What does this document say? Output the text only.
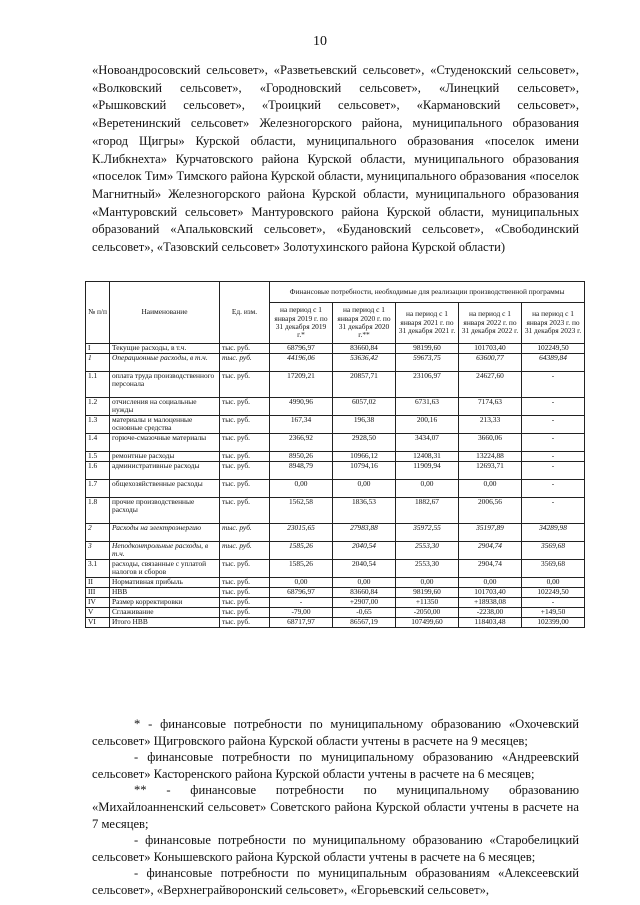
10

«Новоандросовский сельсовет», «Разветьевский сельсовет», «Студенокский сельсовет», «Волковский сельсовет», «Городновский сельсовет», «Линецкий сельсовет», «Рышковский сельсовет», «Троицкий сельсовет», «Кармановский сельсовет», «Веретенинский сельсовет» Железногорского района, муниципального образования «город Щигры» Курской области, муниципального образования «поселок имени К.Либкнехта» Курчатовского района Курской области, муниципального образования «поселок Тим» Тимского района Курской области, муниципального образования «поселок Магнитный» Железногорского района Курской области, муниципального образования «Мантуровский сельсовет» Мантуровского района Курской области, муниципальных образований «Апальковский сельсовет», «Будановский сельсовет», «Свободинский сельсовет», «Тазовский сельсовет» Золотухинского района Курской области)

№ п/п	Наименование	Ед. изм.	Финансовые потребности, необходимые для реализации производственной программы				
			на период с 1 января 2019 г. по 31 декабря 2019 г.*	на период с 1 января 2020 г. по 31 декабря 2020 г.**	на период с 1 января 2021 г. по 31 декабря 2021 г.	на период с 1 января 2022 г. по 31 декабря 2022 г.	на период с 1 января 2023 г. по 31 декабря 2023 г.
I	Текущие расходы, в т.ч.	тыс. руб.	68796,97	83660,84	98199,60	101703,40	102249,50
1	Операционные расходы, в т.ч.	тыс. руб.	44196,06	53636,42	59673,75	63600,77	64389,84
1.1	оплата труда производственного персонала	тыс. руб.	17209,21	20857,71	23106,97	24627,60	-
1.2	отчисления на социальные нужды	тыс. руб.	4990,96	6057,02	6731,63	7174,63	-
1.3	материалы и малоценные основные средства	тыс. руб.	167,34	196,38	200,16	213,33	-
1.4	горюче-смазочные материалы	тыс. руб.	2366,92	2928,50	3434,07	3660,06	-
1.5	ремонтные расходы	тыс. руб.	8950,26	10966,12	12408,31	13224,88	-
1.6	административные расходы	тыс. руб.	8948,79	10794,16	11909,94	12693,71	-
1.7	общехозяйственные расходы	тыс. руб.	0,00	0,00	0,00	0,00	-
1.8	прочие производственные расходы	тыс. руб.	1562,58	1836,53	1882,67	2006,56	-
2	Расходы на электроэнергию	тыс. руб.	23015,65	27983,88	35972,55	35197,89	34289,98
3	Неподконтрольные расходы, в т.ч.	тыс. руб.	1585,26	2040,54	2553,30	2904,74	3569,68
3.1	расходы, связанные с уплатой налогов и сборов	тыс. руб.	1585,26	2040,54	2553,30	2904,74	3569,68
II	Нормативная прибыль	тыс. руб.	0,00	0,00	0,00	0,00	0,00
III	НВВ	тыс. руб.	68796,97	83660,84	98199,60	101703,40	102249,50
IV	Размер корректировки	тыс. руб.	-	+2907,00	+11350	+18938,08	-
V	Сглаживание	тыс. руб.	-79,00	-0,65	-2050,00	-2238,00	+149,50
VI	Итого НВВ	тыс. руб.	68717,97	86567,19	107499,60	118403,48	102399,00

* - финансовые потребности по муниципальному образованию «Охочевский сельсовет» Щигровского района Курской области учтены в расчете на 9 месяцев;

- финансовые потребности по муниципальному образованию «Андреевский сельсовет» Касторенского района Курской области учтены в расчете на 6 месяцев;

** - финансовые потребности по муниципальному образованию «Михайлоанненский сельсовет» Советского района Курской области учтены в расчете на 7 месяцев;

- финансовые потребности по муниципальному образованию «Старобелицкий сельсовет» Конышевского района Курской области учтены в расчете на 6 месяцев;

- финансовые потребности по муниципальным образованиям «Алексеевский сельсовет», «Верхнеграйворонский сельсовет», «Егорьевский сельсовет»,
